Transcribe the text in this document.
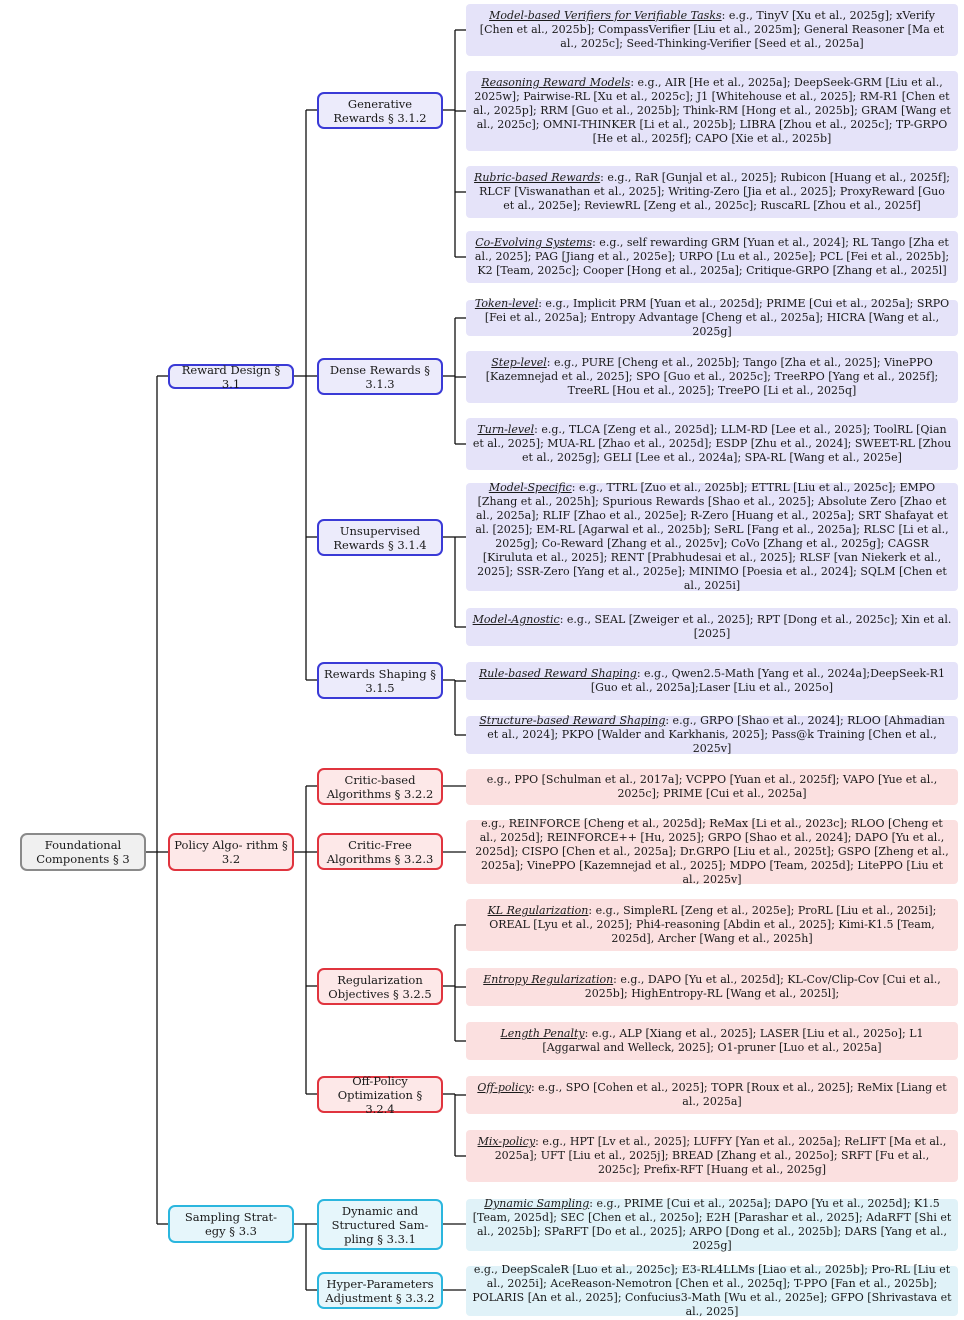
Foundational Components § 3
Reward Design § 3.1
Policy Algo- rithm § 3.2
Sampling Strat- egy § 3.3
Generative Rewards § 3.1.2
Dense Rewards § 3.1.3
Unsupervised Rewards § 3.1.4
Rewards Shaping § 3.1.5
Critic-based Algorithms § 3.2.2
Critic-Free Algorithms § 3.2.3
Regularization Objectives § 3.2.5
Off-Policy Optimization § 3.2.4
Dynamic and Structured Sam- pling § 3.3.1
Hyper-Parameters Adjustment § 3.3.2
Model-based Verifiers for Verifiable Tasks: e.g., TinyV [Xu et al., 2025g]; xVerify [Chen et al., 2025b]; CompassVerifier [Liu et al., 2025m]; General Reasoner [Ma et al., 2025c]; Seed-Thinking-Verifier [Seed et al., 2025a]
Reasoning Reward Models: e.g., AIR [He et al., 2025a]; DeepSeek-GRM [Liu et al., 2025w]; Pairwise-RL [Xu et al., 2025c]; J1 [Whitehouse et al., 2025]; RM-R1 [Chen et al., 2025p]; RRM [Guo et al., 2025b]; Think-RM [Hong et al., 2025b]; GRAM [Wang et al., 2025c]; OMNI-THINKER [Li et al., 2025b]; LIBRA [Zhou et al., 2025c]; TP-GRPO [He et al., 2025f]; CAPO [Xie et al., 2025b]
Rubric-based Rewards: e.g., RaR [Gunjal et al., 2025]; Rubicon [Huang et al., 2025f]; RLCF [Viswanathan et al., 2025]; Writing-Zero [Jia et al., 2025]; ProxyReward [Guo et al., 2025e]; ReviewRL [Zeng et al., 2025c]; RuscaRL [Zhou et al., 2025f]
Co-Evolving Systems: e.g., self rewarding GRM [Yuan et al., 2024]; RL Tango [Zha et al., 2025]; PAG [Jiang et al., 2025e]; URPO [Lu et al., 2025e]; PCL [Fei et al., 2025b]; K2 [Team, 2025c]; Cooper [Hong et al., 2025a]; Critique-GRPO [Zhang et al., 2025l]
Token-level: e.g., Implicit PRM [Yuan et al., 2025d]; PRIME [Cui et al., 2025a]; SRPO [Fei et al., 2025a]; Entropy Advantage [Cheng et al., 2025a]; HICRA [Wang et al., 2025g]
Step-level: e.g., PURE [Cheng et al., 2025b]; Tango [Zha et al., 2025]; VinePPO [Kazemnejad et al., 2025]; SPO [Guo et al., 2025c]; TreeRPO [Yang et al., 2025f]; TreeRL [Hou et al., 2025]; TreePO [Li et al., 2025q]
Turn-level: e.g., TLCA [Zeng et al., 2025d]; LLM-RD [Lee et al., 2025]; ToolRL [Qian et al., 2025]; MUA-RL [Zhao et al., 2025d]; ESDP [Zhu et al., 2024]; SWEET-RL [Zhou et al., 2025g]; GELI [Lee et al., 2024a]; SPA-RL [Wang et al., 2025e]
Model-Specific: e.g., TTRL [Zuo et al., 2025b]; ETTRL [Liu et al., 2025c]; EMPO [Zhang et al., 2025h]; Spurious Rewards [Shao et al., 2025]; Absolute Zero [Zhao et al., 2025a]; RLIF [Zhao et al., 2025e]; R-Zero [Huang et al., 2025a]; SRT Shafayat et al. [2025]; EM-RL [Agarwal et al., 2025b]; SeRL [Fang et al., 2025a]; RLSC [Li et al., 2025g]; Co-Reward [Zhang et al., 2025v]; CoVo [Zhang et al., 2025g]; CAGSR [Kiruluta et al., 2025]; RENT [Prabhudesai et al., 2025]; RLSF [van Niekerk et al., 2025]; SSR-Zero [Yang et al., 2025e]; MINIMO [Poesia et al., 2024]; SQLM [Chen et al., 2025i]
Model-Agnostic: e.g., SEAL [Zweiger et al., 2025]; RPT [Dong et al., 2025c]; Xin et al. [2025]
Rule-based Reward Shaping: e.g., Qwen2.5-Math [Yang et al., 2024a];DeepSeek-R1 [Guo et al., 2025a];Laser [Liu et al., 2025o]
Structure-based Reward Shaping: e.g., GRPO [Shao et al., 2024]; RLOO [Ahmadian et al., 2024]; PKPO [Walder and Karkhanis, 2025]; Pass@k Training [Chen et al., 2025v]
e.g., PPO [Schulman et al., 2017a]; VCPPO [Yuan et al., 2025f]; VAPO [Yue et al., 2025c]; PRIME [Cui et al., 2025a]
e.g., REINFORCE [Cheng et al., 2025d]; ReMax [Li et al., 2023c]; RLOO [Cheng et al., 2025d]; REINFORCE++ [Hu, 2025]; GRPO [Shao et al., 2024]; DAPO [Yu et al., 2025d]; CISPO [Chen et al., 2025a]; Dr.GRPO [Liu et al., 2025t]; GSPO [Zheng et al., 2025a]; VinePPO [Kazemnejad et al., 2025]; MDPO [Team, 2025d]; LitePPO [Liu et al., 2025v]
KL Regularization: e.g., SimpleRL [Zeng et al., 2025e]; ProRL [Liu et al., 2025i]; OREAL [Lyu et al., 2025]; Phi4-reasoning [Abdin et al., 2025]; Kimi-K1.5 [Team, 2025d], Archer [Wang et al., 2025h]
Entropy Regularization: e.g., DAPO [Yu et al., 2025d]; KL-Cov/Clip-Cov [Cui et al., 2025b]; HighEntropy-RL [Wang et al., 2025l];
Length Penalty: e.g., ALP [Xiang et al., 2025]; LASER [Liu et al., 2025o]; L1 [Aggarwal and Welleck, 2025]; O1-pruner [Luo et al., 2025a]
Off-policy: e.g., SPO [Cohen et al., 2025]; TOPR [Roux et al., 2025]; ReMix [Liang et al., 2025a]
Mix-policy: e.g., HPT [Lv et al., 2025]; LUFFY [Yan et al., 2025a]; ReLIFT [Ma et al., 2025a]; UFT [Liu et al., 2025j]; BREAD [Zhang et al., 2025o]; SRFT [Fu et al., 2025c]; Prefix-RFT [Huang et al., 2025g]
Dynamic Sampling: e.g., PRIME [Cui et al., 2025a]; DAPO [Yu et al., 2025d]; K1.5 [Team, 2025d]; SEC [Chen et al., 2025o]; E2H [Parashar et al., 2025]; AdaRFT [Shi et al., 2025b]; SPaRFT [Do et al., 2025]; ARPO [Dong et al., 2025b]; DARS [Yang et al., 2025g]
e.g., DeepScaleR [Luo et al., 2025c]; E3-RL4LLMs [Liao et al., 2025b]; Pro-RL [Liu et al., 2025i]; AceReason-Nemotron [Chen et al., 2025q]; T-PPO [Fan et al., 2025b]; POLARIS [An et al., 2025]; Confucius3-Math [Wu et al., 2025e]; GFPO [Shrivastava et al., 2025]
